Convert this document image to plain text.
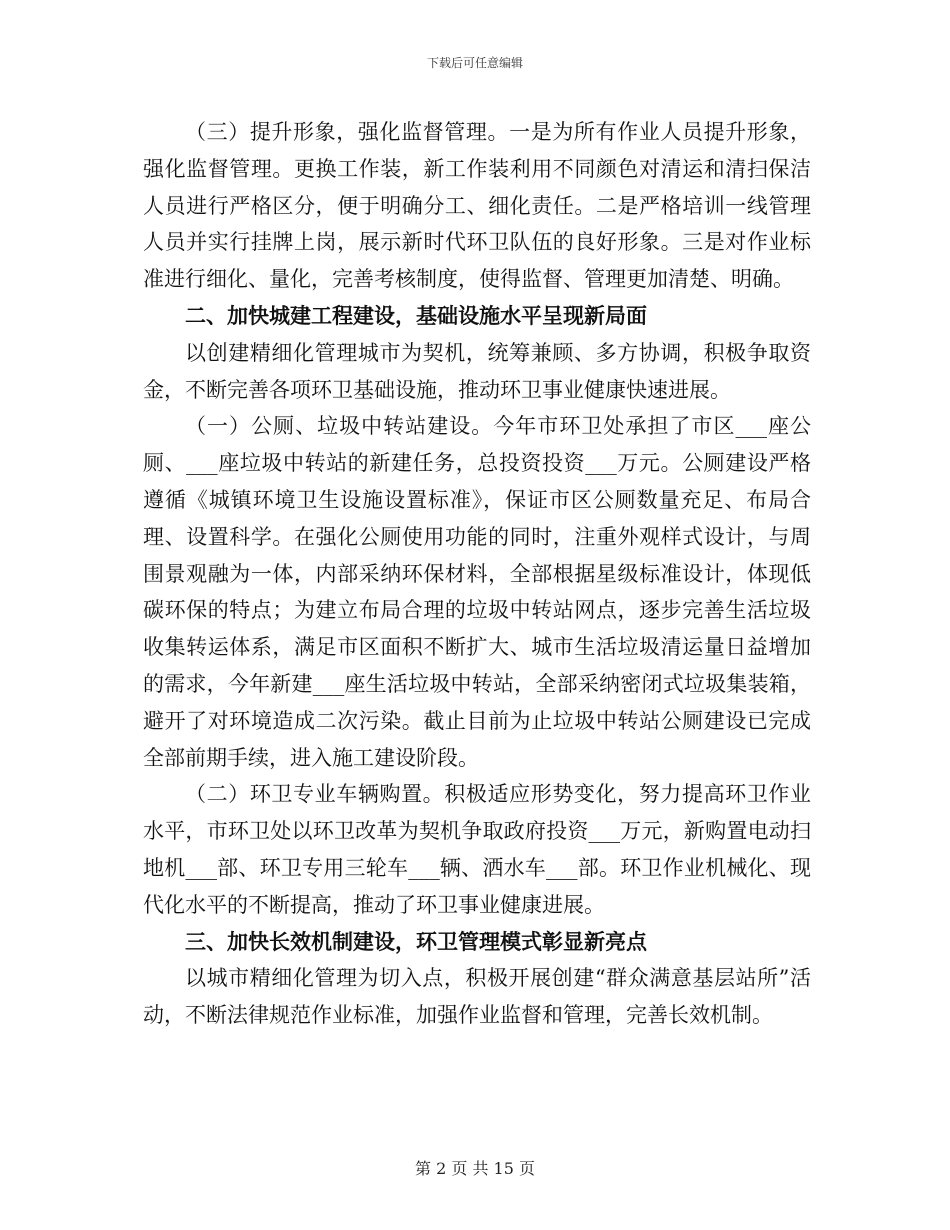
下载后可任意编辑

（三）提升形象，强化监督管理。一是为所有作业人员提升形象，强化监督管理。更换工作装，新工作装利用不同颜色对清运和清扫保洁人员进行严格区分，便于明确分工、细化责任。二是严格培训一线管理人员并实行挂牌上岗，展示新时代环卫队伍的良好形象。三是对作业标准进行细化、量化，完善考核制度，使得监督、管理更加清楚、明确。

二、加快城建工程建设，基础设施水平呈现新局面

以创建精细化管理城市为契机，统筹兼顾、多方协调，积极争取资金，不断完善各项环卫基础设施，推动环卫事业健康快速进展。

（一）公厕、垃圾中转站建设。今年市环卫处承担了市区___座公厕、___座垃圾中转站的新建任务，总投资投资___万元。公厕建设严格遵循《城镇环境卫生设施设置标准》，保证市区公厕数量充足、布局合理、设置科学。在强化公厕使用功能的同时，注重外观样式设计，与周围景观融为一体，内部采纳环保材料，全部根据星级标准设计，体现低碳环保的特点；为建立布局合理的垃圾中转站网点，逐步完善生活垃圾收集转运体系，满足市区面积不断扩大、城市生活垃圾清运量日益增加的需求，今年新建___座生活垃圾中转站，全部采纳密闭式垃圾集装箱，避开了对环境造成二次污染。截止目前为止垃圾中转站公厕建设已完成全部前期手续，进入施工建设阶段。

（二）环卫专业车辆购置。积极适应形势变化，努力提高环卫作业水平，市环卫处以环卫改革为契机争取政府投资___万元，新购置电动扫地机___部、环卫专用三轮车___辆、洒水车___部。环卫作业机械化、现代化水平的不断提高，推动了环卫事业健康进展。

三、加快长效机制建设，环卫管理模式彰显新亮点

以城市精细化管理为切入点，积极开展创建“群众满意基层站所”活动，不断法律规范作业标准，加强作业监督和管理，完善长效机制。

第 2 页 共 15 页
